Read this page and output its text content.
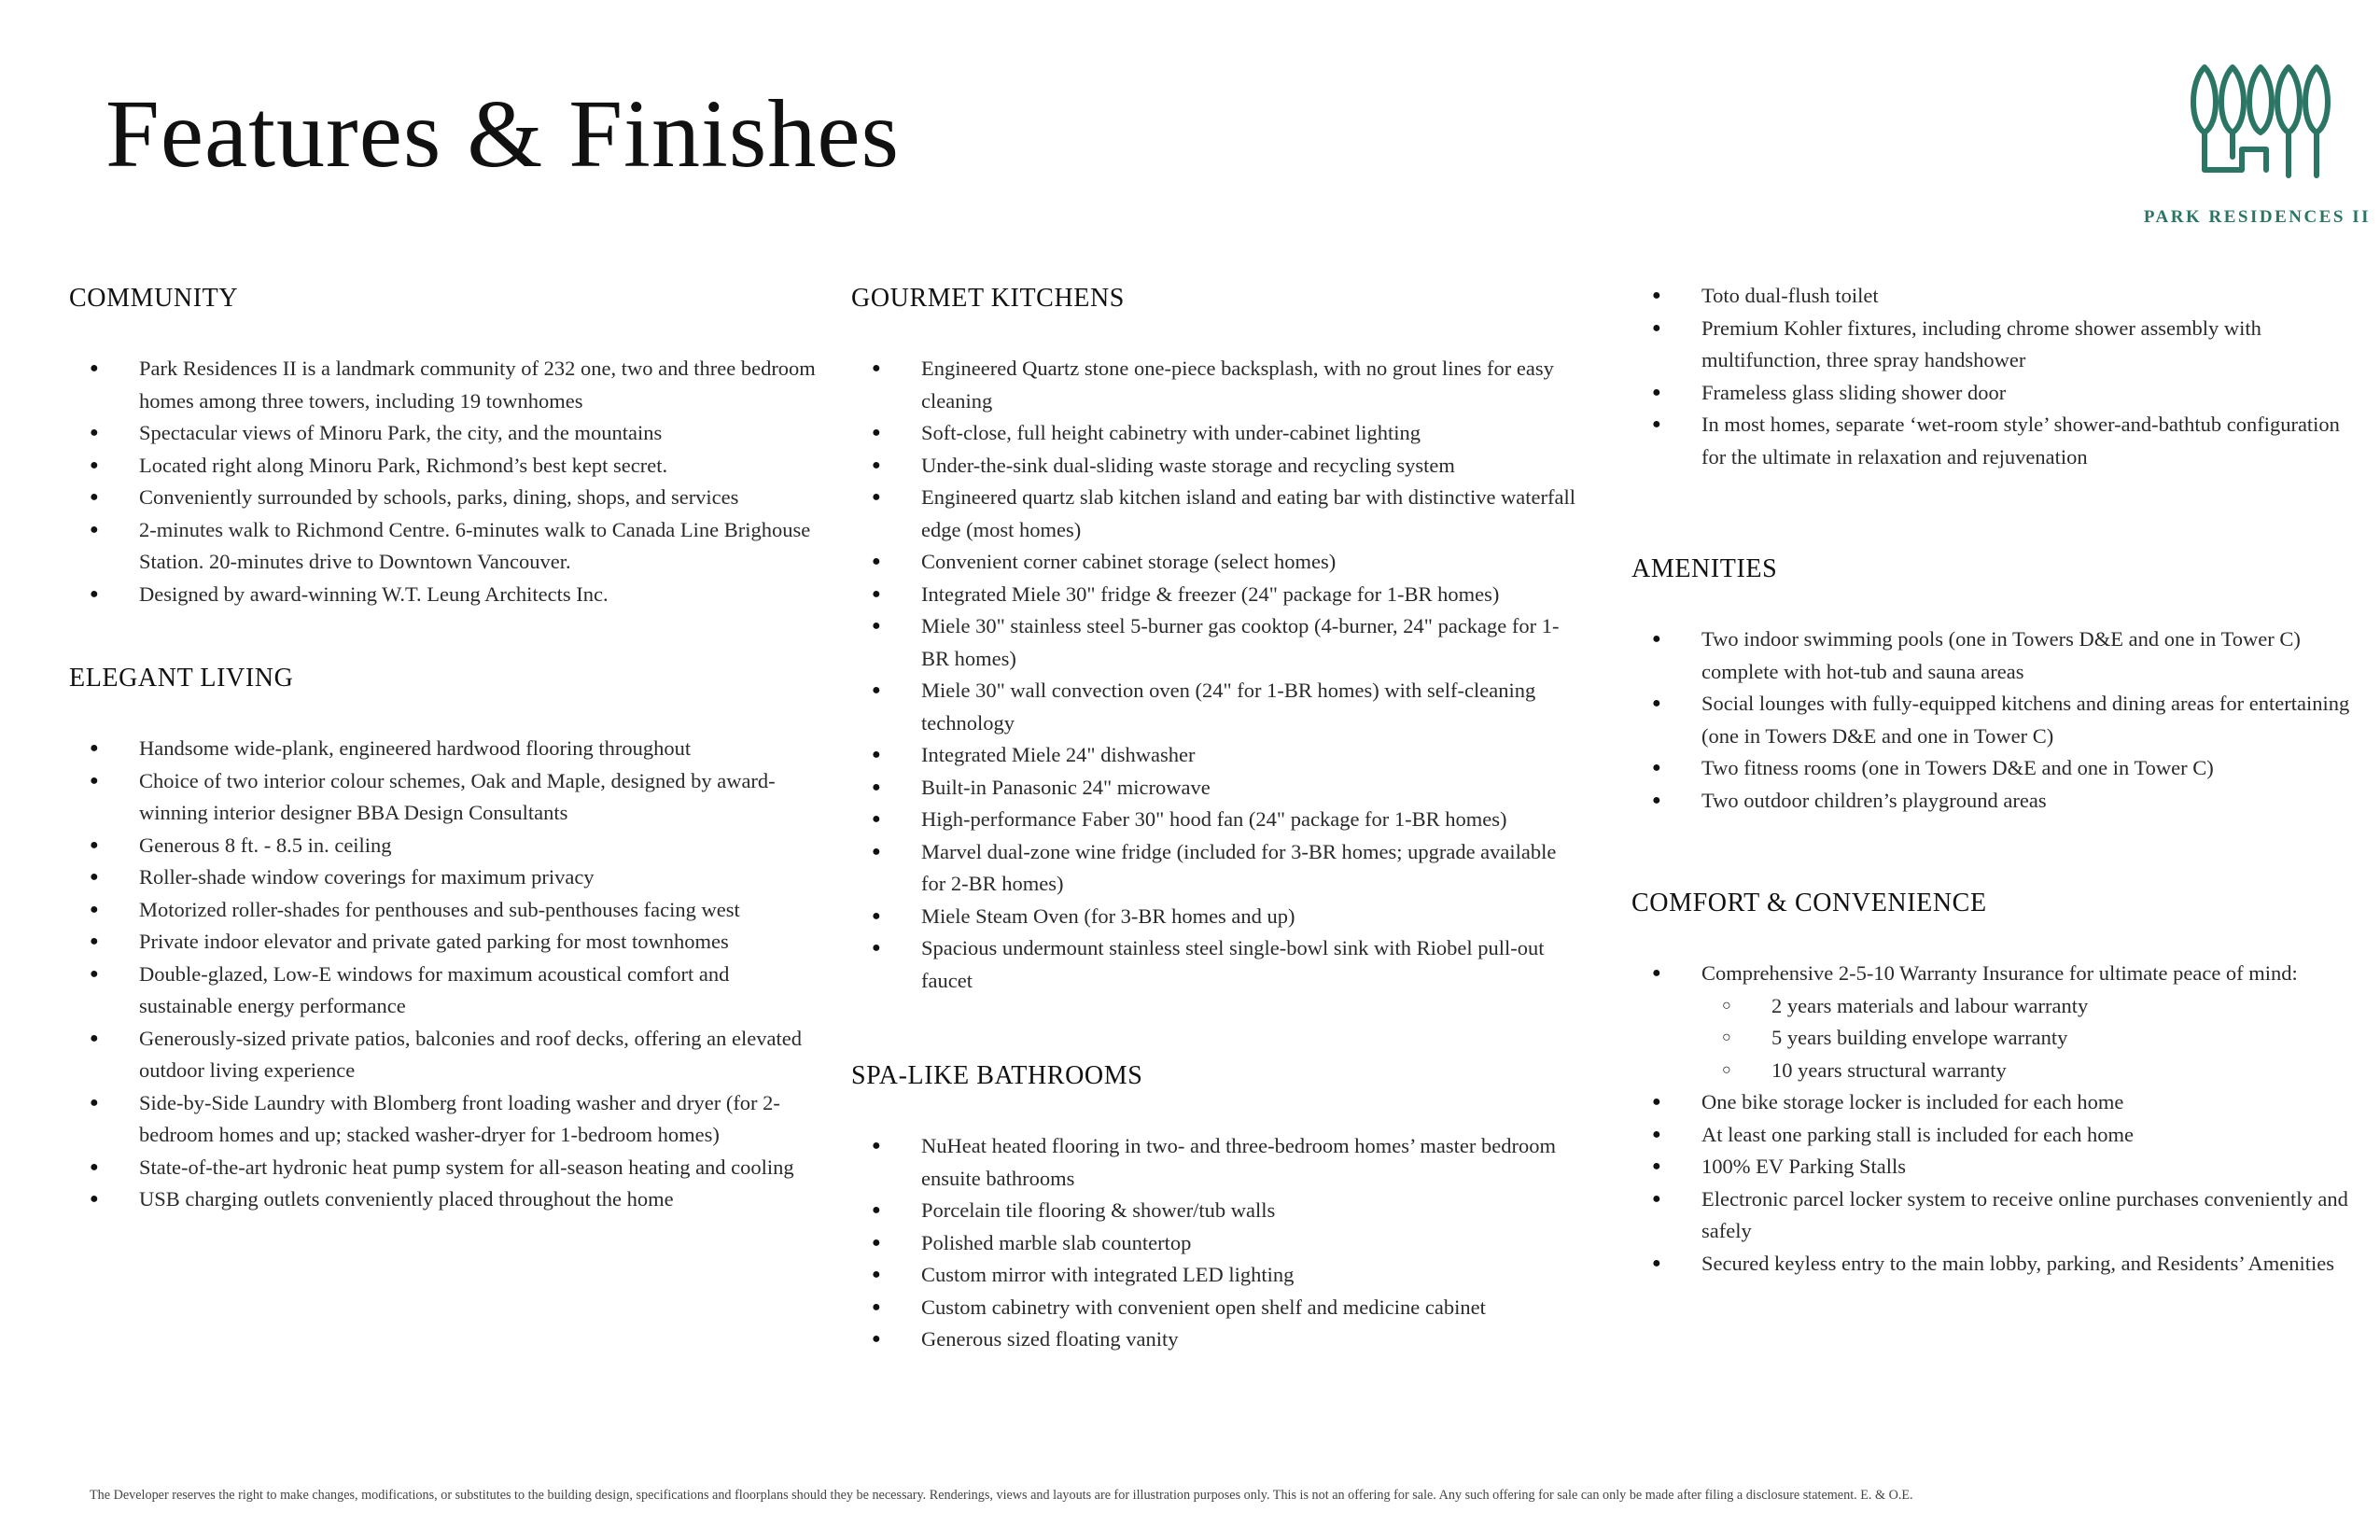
Features & Finishes
PARK RESIDENCES II
COMMUNITY
● Park Residences II is a landmark community of 232 one, two and three bedroom homes among three towers, including 19 townhomes
● Spectacular views of Minoru Park, the city, and the mountains
● Located right along Minoru Park, Richmond’s best kept secret.
● Conveniently surrounded by schools, parks, dining, shops, and services
● 2-minutes walk to Richmond Centre. 6-minutes walk to Canada Line Brighouse Station. 20-minutes drive to Downtown Vancouver.
● Designed by award-winning W.T. Leung Architects Inc.
ELEGANT LIVING
● Handsome wide-plank, engineered hardwood flooring throughout
● Choice of two interior colour schemes, Oak and Maple, designed by award-winning interior designer BBA Design Consultants
● Generous 8 ft. - 8.5 in. ceiling
● Roller-shade window coverings for maximum privacy
● Motorized roller-shades for penthouses and sub-penthouses facing west
● Private indoor elevator and private gated parking for most townhomes
● Double-glazed, Low-E windows for maximum acoustical comfort and sustainable energy performance
● Generously-sized private patios, balconies and roof decks, offering an elevated outdoor living experience
● Side-by-Side Laundry with Blomberg front loading washer and dryer (for 2-bedroom homes and up; stacked washer-dryer for 1-bedroom homes)
● State-of-the-art hydronic heat pump system for all-season heating and cooling
● USB charging outlets conveniently placed throughout the home
GOURMET KITCHENS
● Engineered Quartz stone one-piece backsplash, with no grout lines for easy cleaning
● Soft-close, full height cabinetry with under-cabinet lighting
● Under-the-sink dual-sliding waste storage and recycling system
● Engineered quartz slab kitchen island and eating bar with distinctive waterfall edge (most homes)
● Convenient corner cabinet storage (select homes)
● Integrated Miele 30" fridge & freezer (24" package for 1-BR homes)
● Miele 30" stainless steel 5-burner gas cooktop (4-burner, 24" package for 1-BR homes)
● Miele 30" wall convection oven (24" for 1-BR homes) with self-cleaning technology
● Integrated Miele 24" dishwasher
● Built-in Panasonic 24" microwave
● High-performance Faber 30" hood fan (24" package for 1-BR homes)
● Marvel dual-zone wine fridge (included for 3-BR homes; upgrade available for 2-BR homes)
● Miele Steam Oven (for 3-BR homes and up)
● Spacious undermount stainless steel single-bowl sink with Riobel pull-out faucet
SPA-LIKE BATHROOMS
● NuHeat heated flooring in two- and three-bedroom homes’ master bedroom ensuite bathrooms
● Porcelain tile flooring & shower/tub walls
● Polished marble slab countertop
● Custom mirror with integrated LED lighting
● Custom cabinetry with convenient open shelf and medicine cabinet
● Generous sized floating vanity
● Toto dual-flush toilet
● Premium Kohler fixtures, including chrome shower assembly with multifunction, three spray handshower
● Frameless glass sliding shower door
● In most homes, separate ‘wet-room style’ shower-and-bathtub configuration for the ultimate in relaxation and rejuvenation
AMENITIES
● Two indoor swimming pools (one in Towers D&E and one in Tower C) complete with hot-tub and sauna areas
● Social lounges with fully-equipped kitchens and dining areas for entertaining (one in Towers D&E and one in Tower C)
● Two fitness rooms (one in Towers D&E and one in Tower C)
● Two outdoor children’s playground areas
COMFORT & CONVENIENCE
● Comprehensive 2-5-10 Warranty Insurance for ultimate peace of mind:
○ 2 years materials and labour warranty
○ 5 years building envelope warranty
○ 10 years structural warranty
● One bike storage locker is included for each home
● At least one parking stall is included for each home
● 100% EV Parking Stalls
● Electronic parcel locker system to receive online purchases conveniently and safely
● Secured keyless entry to the main lobby, parking, and Residents’ Amenities
The Developer reserves the right to make changes, modifications, or substitutes to the building design, specifications and floorplans should they be necessary. Renderings, views and layouts are for illustration purposes only. This is not an offering for sale. Any such offering for sale can only be made after filing a disclosure statement. E. & O.E.
